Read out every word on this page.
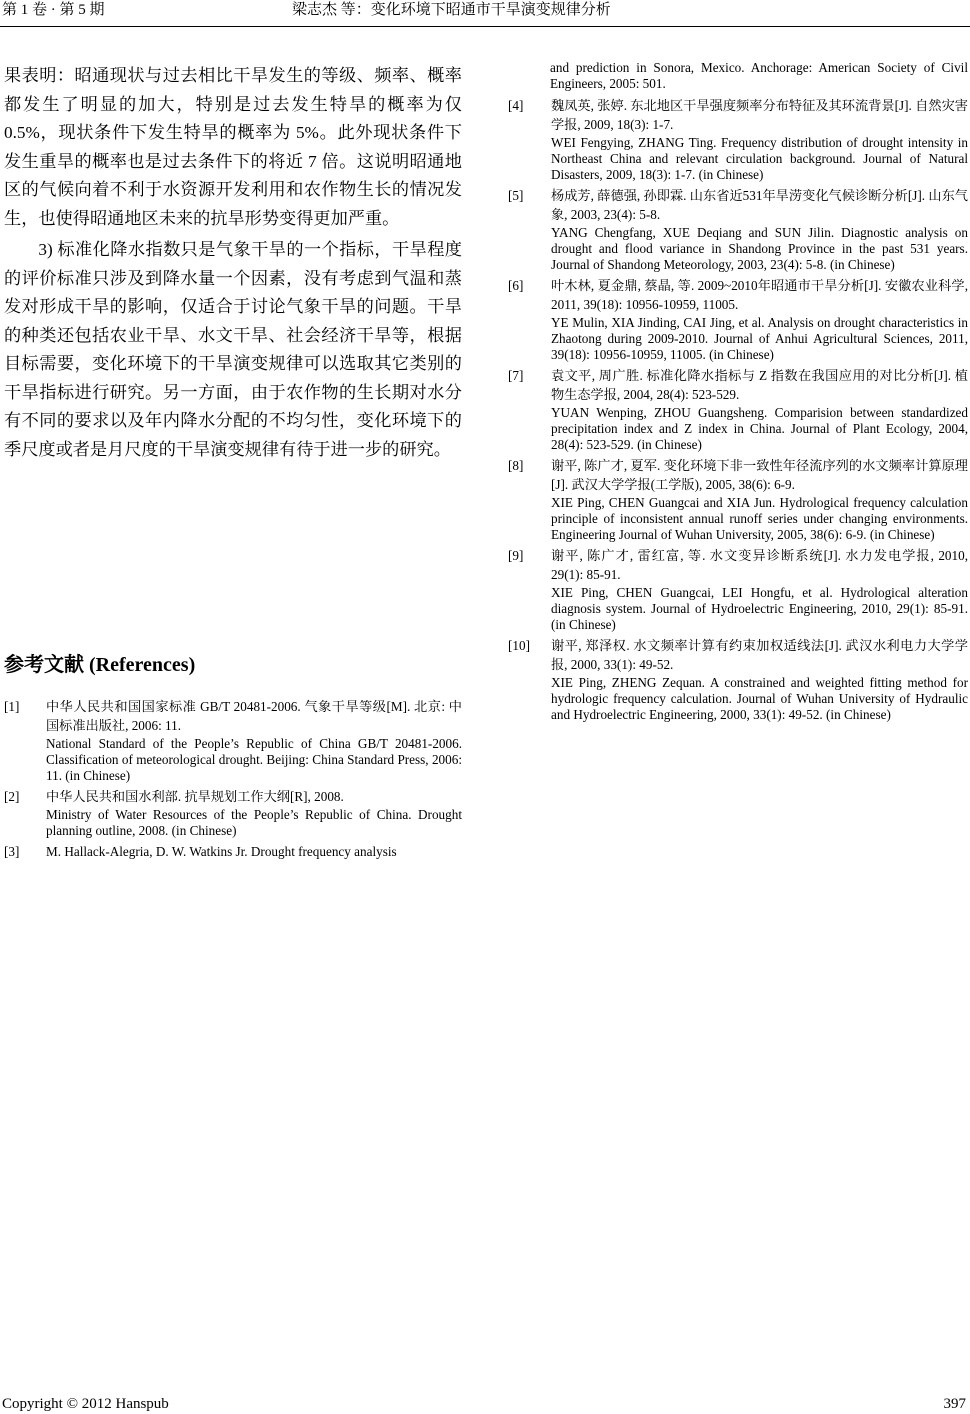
第 1 卷 · 第 5 期	梁志杰 等：变化环境下昭通市干旱演变规律分析

果表明：昭通现状与过去相比干旱发生的等级、频率、概率都发生了明显的加大，特别是过去发生特旱的概率为仅 0.5%，现状条件下发生特旱的概率为 5%。此外现状条件下发生重旱的概率也是过去条件下的将近 7 倍。这说明昭通地区的气候向着不利于水资源开发利用和农作物生长的情况发生，也使得昭通地区未来的抗旱形势变得更加严重。

3) 标准化降水指数只是气象干旱的一个指标，干旱程度的评价标准只涉及到降水量一个因素，没有考虑到气温和蒸发对形成干旱的影响，仅适合于讨论气象干旱的问题。干旱的种类还包括农业干旱、水文干旱、社会经济干旱等，根据目标需要，变化环境下的干旱演变规律可以选取其它类别的干旱指标进行研究。另一方面，由于农作物的生长期对水分有不同的要求以及年内降水分配的不均匀性，变化环境下的季尺度或者是月尺度的干旱演变规律有待于进一步的研究。

参考文献 (References)
[1] 中华人民共和国国家标准 GB/T 20481-2006. 气象干旱等级[M]. 北京: 中国标准出版社, 2006: 11.

National Standard of the People’s Republic of China GB/T 20481-2006. Classification of meteorological drought. Beijing: China Standard Press, 2006: 11. (in Chinese)

[2] 中华人民共和国水利部. 抗旱规划工作大纲[R], 2008.

Ministry of Water Resources of the People’s Republic of China. Drought planning outline, 2008. (in Chinese)

[3] M. Hallack-Alegria, D. W. Watkins Jr. Drought frequency analysis

and prediction in Sonora, Mexico. Anchorage: American Society of Civil Engineers, 2005: 501.

[4] 魏凤英, 张婷. 东北地区干旱强度频率分布特征及其环流背景[J]. 自然灾害学报, 2009, 18(3): 1-7.

WEI Fengying, ZHANG Ting. Frequency distribution of drought intensity in Northeast China and relevant circulation background. Journal of Natural Disasters, 2009, 18(3): 1-7. (in Chinese)

[5] 杨成芳, 薛德强, 孙即霖. 山东省近531年旱涝变化气候诊断分析[J]. 山东气象, 2003, 23(4): 5-8.

YANG Chengfang, XUE Deqiang and SUN Jilin. Diagnostic analysis on drought and flood variance in Shandong Province in the past 531 years. Journal of Shandong Meteorology, 2003, 23(4): 5-8. (in Chinese)

[6] 叶木林, 夏金鼎, 蔡晶, 等. 2009~2010年昭通市干旱分析[J]. 安徽农业科学, 2011, 39(18): 10956-10959, 11005.

YE Mulin, XIA Jinding, CAI Jing, et al. Analysis on drought characteristics in Zhaotong during 2009-2010. Journal of Anhui Agricultural Sciences, 2011, 39(18): 10956-10959, 11005. (in Chinese)

[7] 袁文平, 周广胜. 标准化降水指标与 Z 指数在我国应用的对比分析[J]. 植物生态学报, 2004, 28(4): 523-529.

YUAN Wenping, ZHOU Guangsheng. Comparision between standardized precipitation index and Z index in China. Journal of Plant Ecology, 2004, 28(4): 523-529. (in Chinese)

[8] 谢平, 陈广才, 夏军. 变化环境下非一致性年径流序列的水文频率计算原理[J]. 武汉大学学报(工学版), 2005, 38(6): 6-9.

XIE Ping, CHEN Guangcai and XIA Jun. Hydrological frequency calculation principle of inconsistent annual runoff series under changing environments. Engineering Journal of Wuhan University, 2005, 38(6): 6-9. (in Chinese)

[9] 谢平, 陈广才, 雷红富, 等. 水文变异诊断系统[J]. 水力发电学报, 2010, 29(1): 85-91.

XIE Ping, CHEN Guangcai, LEI Hongfu, et al. Hydrological alteration diagnosis system. Journal of Hydroelectric Engineering, 2010, 29(1): 85-91. (in Chinese)

[10] 谢平, 郑泽权. 水文频率计算有约束加权适线法[J]. 武汉水利电力大学学报, 2000, 33(1): 49-52.

XIE Ping, ZHENG Zequan. A constrained and weighted fitting method for hydrologic frequency calculation. Journal of Wuhan University of Hydraulic and Hydroelectric Engineering, 2000, 33(1): 49-52. (in Chinese)

Copyright © 2012 Hanspub	397
